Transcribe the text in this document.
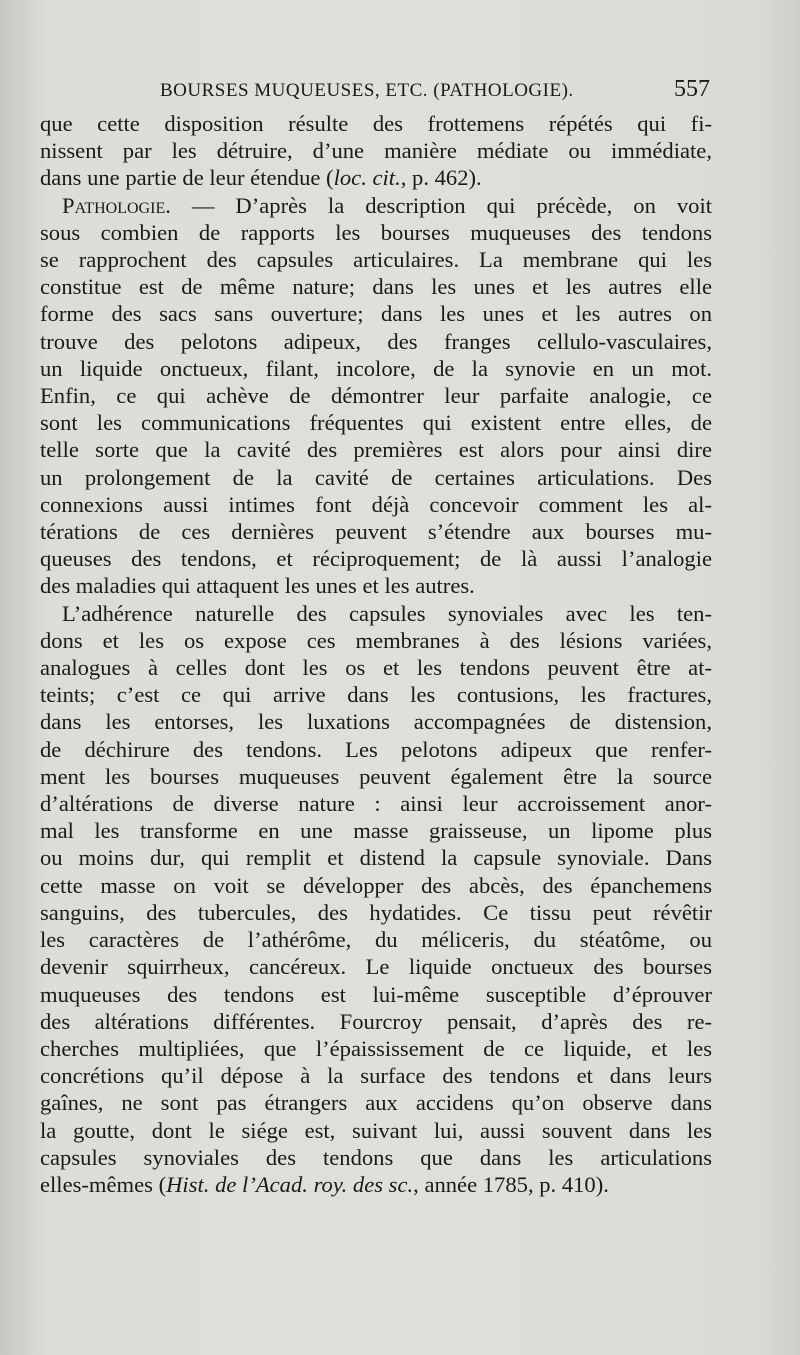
BOURSES MUQUEUSES, ETC. (PATHOLOGIE).	557
que cette disposition résulte des frottemens répétés qui fi-
nissent par les détruire, d’une manière médiate ou immédiate,
dans une partie de leur étendue (loc. cit., p. 462).
Pathologie. — D’après la description qui précède, on voit
sous combien de rapports les bourses muqueuses des tendons
se rapprochent des capsules articulaires. La membrane qui les
constitue est de même nature; dans les unes et les autres elle
forme des sacs sans ouverture; dans les unes et les autres on
trouve des pelotons adipeux, des franges cellulo-vasculaires,
un liquide onctueux, filant, incolore, de la synovie en un mot.
Enfin, ce qui achève de démontrer leur parfaite analogie, ce
sont les communications fréquentes qui existent entre elles, de
telle sorte que la cavité des premières est alors pour ainsi dire
un prolongement de la cavité de certaines articulations. Des
connexions aussi intimes font déjà concevoir comment les al-
térations de ces dernières peuvent s’étendre aux bourses mu-
queuses des tendons, et réciproquement; de là aussi l’analogie
des maladies qui attaquent les unes et les autres.
L’adhérence naturelle des capsules synoviales avec les ten-
dons et les os expose ces membranes à des lésions variées,
analogues à celles dont les os et les tendons peuvent être at-
teints; c’est ce qui arrive dans les contusions, les fractures,
dans les entorses, les luxations accompagnées de distension,
de déchirure des tendons. Les pelotons adipeux que renfer-
ment les bourses muqueuses peuvent également être la source
d’altérations de diverse nature : ainsi leur accroissement anor-
mal les transforme en une masse graisseuse, un lipome plus
ou moins dur, qui remplit et distend la capsule synoviale. Dans
cette masse on voit se développer des abcès, des épanchemens
sanguins, des tubercules, des hydatides. Ce tissu peut révêtir
les caractères de l’athérôme, du méliceris, du stéatôme, ou
devenir squirrheux, cancéreux. Le liquide onctueux des bourses
muqueuses des tendons est lui-même susceptible d’éprouver
des altérations différentes. Fourcroy pensait, d’après des re-
cherches multipliées, que l’épaississement de ce liquide, et les
concrétions qu’il dépose à la surface des tendons et dans leurs
gaînes, ne sont pas étrangers aux accidens qu’on observe dans
la goutte, dont le siége est, suivant lui, aussi souvent dans les
capsules synoviales des tendons que dans les articulations
elles-mêmes (Hist. de l’Acad. roy. des sc., année 1785, p. 410).
